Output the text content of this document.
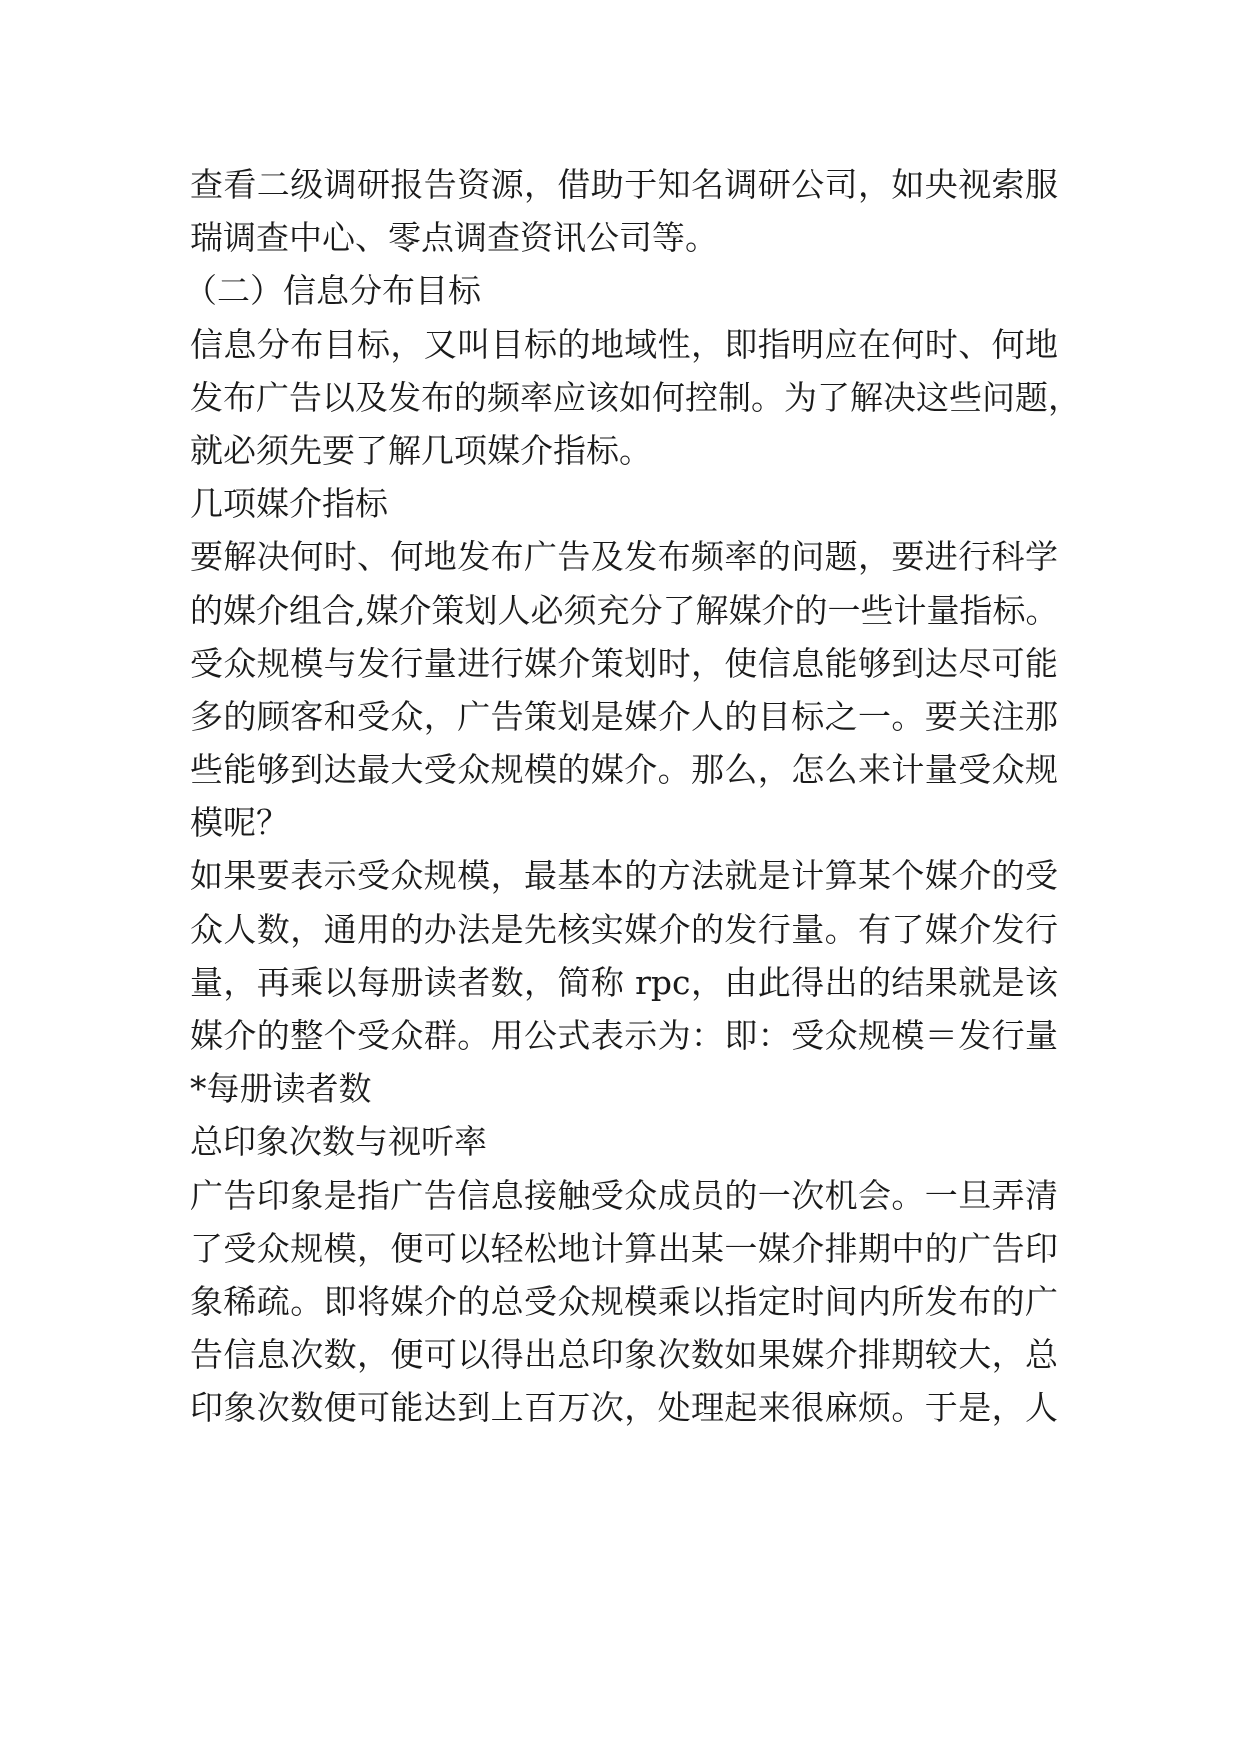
查看二级调研报告资源，借助于知名调研公司，如央视索服
瑞调查中心、零点调查资讯公司等。
（二）信息分布目标
信息分布目标，又叫目标的地域性，即指明应在何时、何地
发布广告以及发布的频率应该如何控制。为了解决这些问题，
就必须先要了解几项媒介指标。
几项媒介指标
要解决何时、何地发布广告及发布频率的问题，要进行科学
的媒介组合,媒介策划人必须充分了解媒介的一些计量指标。
受众规模与发行量进行媒介策划时，使信息能够到达尽可能
多的顾客和受众，广告策划是媒介人的目标之一。要关注那
些能够到达最大受众规模的媒介。那么，怎么来计量受众规
模呢？
如果要表示受众规模，最基本的方法就是计算某个媒介的受
众人数，通用的办法是先核实媒介的发行量。有了媒介发行
量，再乘以每册读者数，简称 rpc，由此得出的结果就是该
媒介的整个受众群。用公式表示为：即：受众规模＝发行量
*每册读者数
总印象次数与视听率
广告印象是指广告信息接触受众成员的一次机会。一旦弄清
了受众规模，便可以轻松地计算出某一媒介排期中的广告印
象稀疏。即将媒介的总受众规模乘以指定时间内所发布的广
告信息次数，便可以得出总印象次数如果媒介排期较大，总
印象次数便可能达到上百万次，处理起来很麻烦。于是，人
